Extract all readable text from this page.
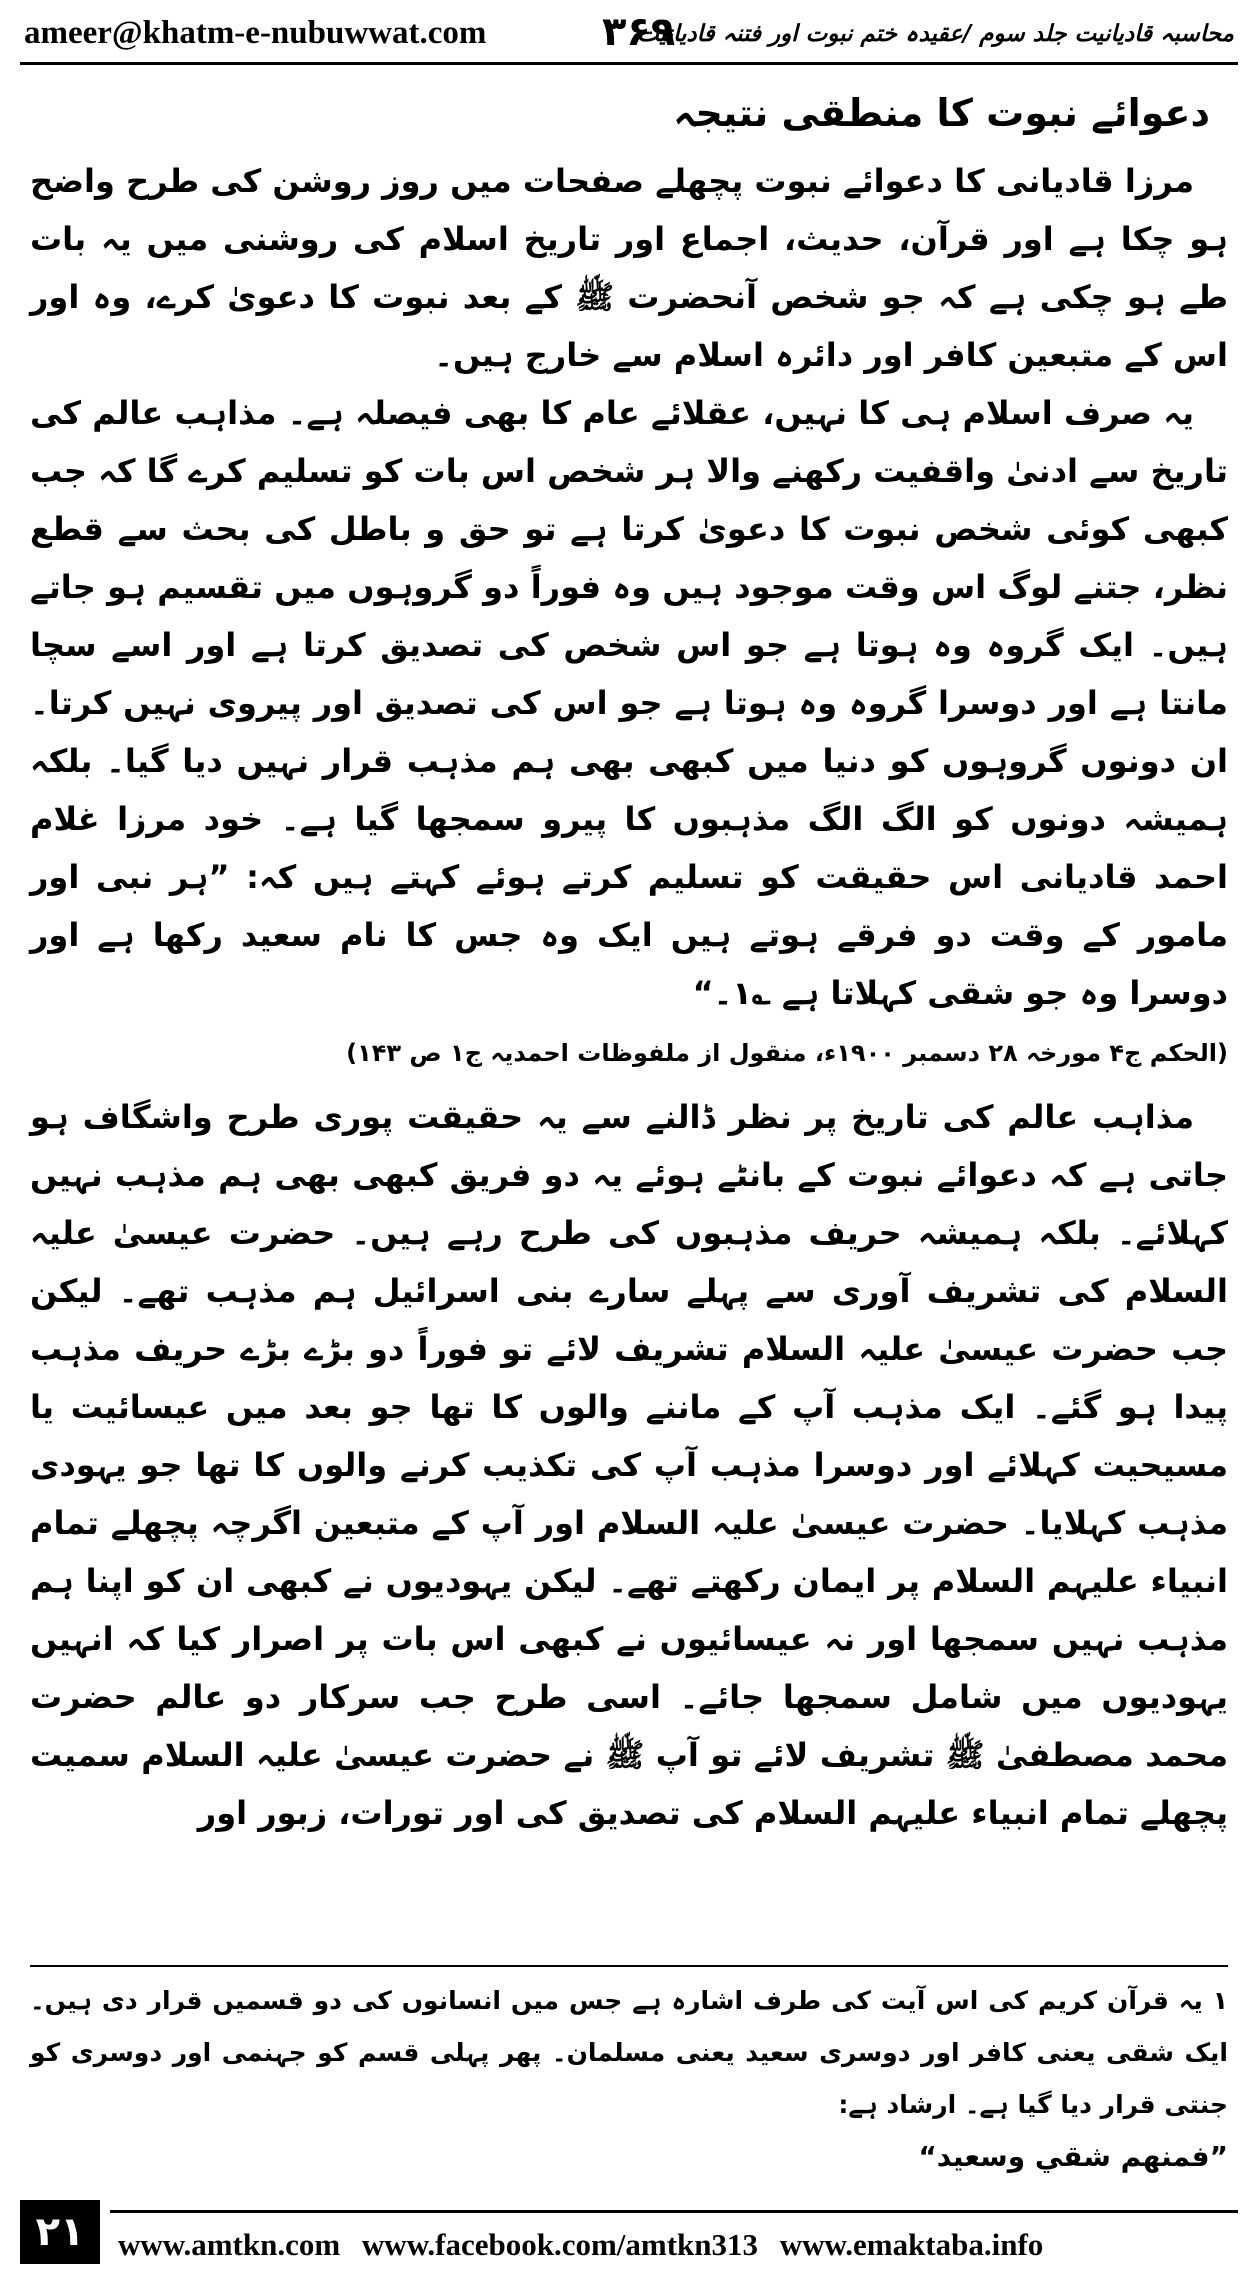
ameer@khatm-e-nubuwwat.com	۳۶۹
محاسبہ قادیانیت جلد سوم /عقیدہ ختم نبوت اور فتنہ قادیانیت
دعوائے نبوت کا منطقی نتیجہ

مرزا قادیانی کا دعوائے نبوت پچھلے صفحات میں روز روشن کی طرح واضح ہو چکا ہے اور قرآن، حدیث، اجماع اور تاریخ اسلام کی روشنی میں یہ بات طے ہو چکی ہے کہ جو شخص آنحضرت ﷺ کے بعد نبوت کا دعویٰ کرے، وہ اور اس کے متبعین کافر اور دائرہ اسلام سے خارج ہیں۔

یہ صرف اسلام ہی کا نہیں، عقلائے عام کا بھی فیصلہ ہے۔ مذاہب عالم کی تاریخ سے ادنیٰ واقفیت رکھنے والا ہر شخص اس بات کو تسلیم کرے گا کہ جب کبھی کوئی شخص نبوت کا دعویٰ کرتا ہے تو حق و باطل کی بحث سے قطع نظر، جتنے لوگ اس وقت موجود ہیں وہ فوراً دو گروہوں میں تقسیم ہو جاتے ہیں۔ ایک گروہ وہ ہوتا ہے جو اس شخص کی تصدیق کرتا ہے اور اسے سچا مانتا ہے اور دوسرا گروہ وہ ہوتا ہے جو اس کی تصدیق اور پیروی نہیں کرتا۔ ان دونوں گروہوں کو دنیا میں کبھی بھی ہم مذہب قرار نہیں دیا گیا۔ بلکہ ہمیشہ دونوں کو الگ الگ مذہبوں کا پیرو سمجھا گیا ہے۔ خود مرزا غلام احمد قادیانی اس حقیقت کو تسلیم کرتے ہوئے کہتے ہیں کہ: ”ہر نبی اور مامور کے وقت دو فرقے ہوتے ہیں ایک وہ جس کا نام سعید رکھا ہے اور دوسرا وہ جو شقی کہلاتا ہے ؎۱۔“

(الحکم ج۴ مورخہ ۲۸ دسمبر ۱۹۰۰ء، منقول از ملفوظات احمدیہ ج۱ ص ۱۴۳)

مذاہب عالم کی تاریخ پر نظر ڈالنے سے یہ حقیقت پوری طرح واشگاف ہو جاتی ہے کہ دعوائے نبوت کے بانٹے ہوئے یہ دو فریق کبھی بھی ہم مذہب نہیں کہلائے۔ بلکہ ہمیشہ حریف مذہبوں کی طرح رہے ہیں۔ حضرت عیسیٰ علیہ السلام کی تشریف آوری سے پہلے سارے بنی اسرائیل ہم مذہب تھے۔ لیکن جب حضرت عیسیٰ علیہ السلام تشریف لائے تو فوراً دو بڑے بڑے حریف مذہب پیدا ہو گئے۔ ایک مذہب آپ کے ماننے والوں کا تھا جو بعد میں عیسائیت یا مسیحیت کہلائے اور دوسرا مذہب آپ کی تکذیب کرنے والوں کا تھا جو یہودی مذہب کہلایا۔ حضرت عیسیٰ علیہ السلام اور آپ کے متبعین اگرچہ پچھلے تمام انبیاء علیہم السلام پر ایمان رکھتے تھے۔ لیکن یہودیوں نے کبھی ان کو اپنا ہم مذہب نہیں سمجھا اور نہ عیسائیوں نے کبھی اس بات پر اصرار کیا کہ انہیں یہودیوں میں شامل سمجھا جائے۔ اسی طرح جب سرکار دو عالم حضرت محمد مصطفیٰ ﷺ تشریف لائے تو آپ ﷺ نے حضرت عیسیٰ علیہ السلام سمیت پچھلے تمام انبیاء علیہم السلام کی تصدیق کی اور تورات، زبور اور

۱ یہ قرآن کریم کی اس آیت کی طرف اشارہ ہے جس میں انسانوں کی دو قسمیں قرار دی ہیں۔ ایک شقی یعنی کافر اور دوسری سعید یعنی مسلمان۔ پھر پہلی قسم کو جہنمی اور دوسری کو جنتی قرار دیا گیا ہے۔ ارشاد ہے:
”فمنهم شقي وسعيد“
۲۱	www.amtkn.com www.facebook.com/amtkn313 www.emaktaba.info
